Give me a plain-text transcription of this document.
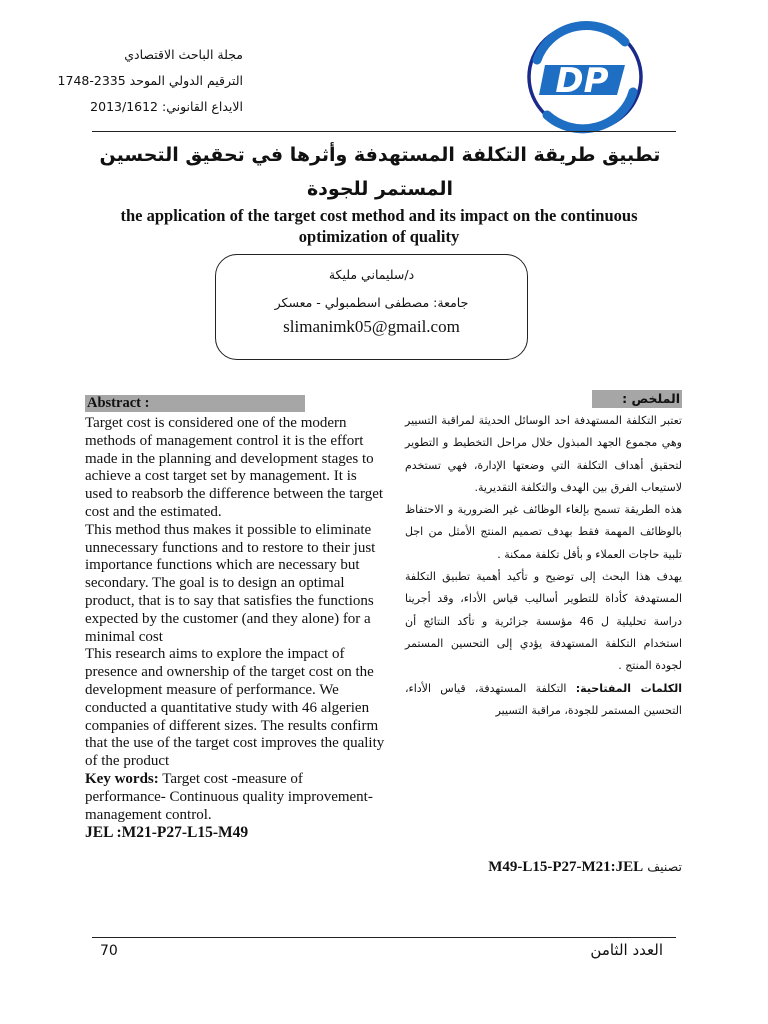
مجلة الباحث الاقتصادي
الترقيم الدولي الموحد 2335-1748
الايداع القانوني: 2013/1612
DP
تطبيق طريقة التكلفة المستهدفة وأثرها في تحقيق التحسين المستمر للجودة
the application of the target cost method and its impact on the continuous optimization of quality
د/سليماني مليكة
جامعة: مصطفى اسطمبولي - معسكر
slimanimk05@gmail.com
Abstract :

Target cost is considered one of the modern methods of management control it is the effort made in the planning and development stages to achieve a cost target set by management. It is used to reabsorb the difference between the target cost and the estimated.

This method thus makes it possible to eliminate unnecessary functions and to restore to their just importance functions which are necessary but secondary. The goal is to design an optimal product, that is to say that satisfies the functions expected by the customer (and they alone) for a minimal cost

This research aims to explore the impact of presence and ownership of the target cost on the development measure of performance. We conducted a quantitative study with 46 algerien companies of different sizes. The results confirm that the use of the target cost improves the quality of the product

Key words: Target cost -measure of performance- Continuous quality improvement- management control.

JEL :M21-P27-L15-M49

الملخص :

تعتبر التكلفة المستهدفة احد الوسائل الحديثة لمراقبة التسيير وهي مجموع الجهد المبذول خلال مراحل التخطيط و التطوير لتحقيق أهداف التكلفة التي وضعتها الإدارة، فهي تستخدم لاستيعاب الفرق بين الهدف والتكلفة التقديرية.

هذه الطريقة تسمح بإلغاء الوظائف غير الضرورية و الاحتفاظ بالوظائف المهمة فقط بهدف تصميم المنتج الأمثل من اجل تلبية حاجات العملاء و بأقل تكلفة ممكنة .

يهدف هذا البحث إلى توضيح و تأكيد أهمية تطبيق التكلفة المستهدفة كأداة للتطوير أساليب قياس الأداء، وقد أجرينا دراسة تحليلية ل 46 مؤسسة جزائرية و تأكد النتائج أن استخدام التكلفة المستهدفة يؤدي إلى التحسين المستمر لجودة المنتج .

الكلمات المفتاحية: التكلفة المستهدفة، قياس الأداء، التحسين المستمر للجودة، مراقبة التسيير

تصنيف M49-L15-P27-M21:JEL
70	العدد الثامن
